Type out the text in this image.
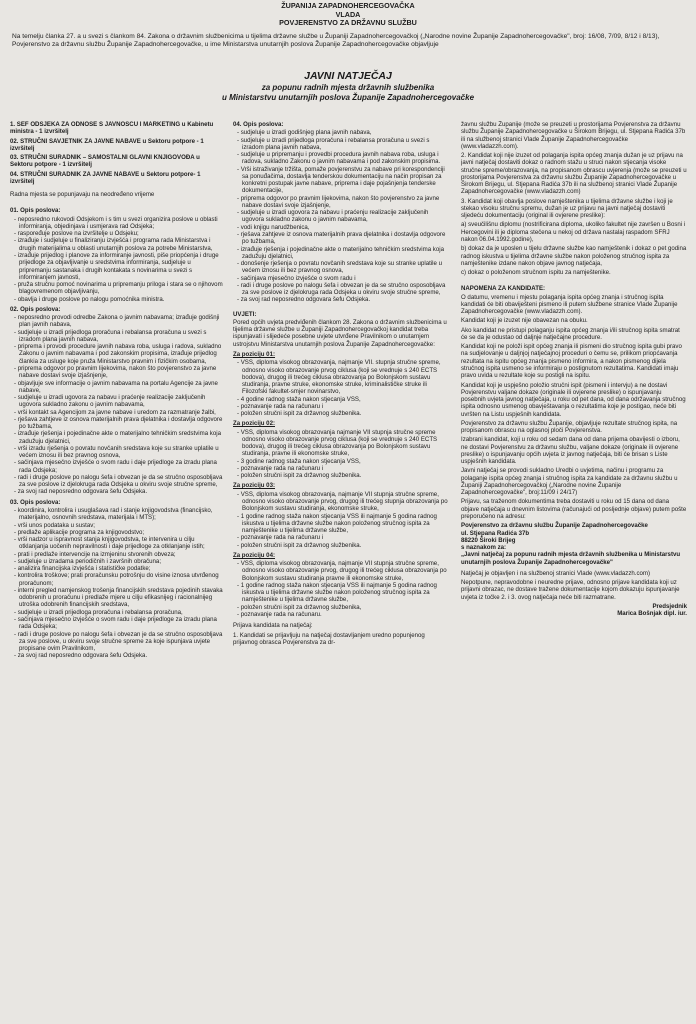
ŽUPANIJA ZAPADNOHERCEGOVAČKA
VLADA
POVJERENSTVO ZA DRŽAVNU SLUŽBU
Na temelju članka 27. a u svezi s člankom 84. Zakona o državnim službenicima u tijelima državne službe u Županiji Zapadnohercegovačkoj („Narodne novine Županije Zapadnohercegovačke", broj: 16/08, 7/09, 8/12 i 8/13), Povjerenstvo za državnu službu Županije Zapadnohercegovačke, u ime Ministarstva unutarnjih poslova Županije Zapadnohercegovačke objavljuje
JAVNI NATJEČAJ
za popunu radnih mjesta državnih službenika
u Ministarstvu unutarnjih poslova Županije Zapadnohercegovačke
1. ŠEF ODSJEKA ZA ODNOSE S JAVNOŠĆU I MARKETING u Kabinetu ministra - 1 izvršitelj
02. STRUČNI SAVJETNIK ZA JAVNE NABAVE u Sektoru potpore - 1 izvršitelj
03. STRUČNI SURADNIK – SAMOSTALNI GLAVNI KNJIGOVOĐA u Sektoru potpore - 1 izvršitelj
04. STRUČNI SURADNIK ZA JAVNE NABAVE u Sektoru potpore- 1 izvršitelj
Radna mjesta se popunjavaju na neodređeno vrijeme
01. Opis poslova:
- neposredno rukovodi Odsjekom i s tim u svezi organizira poslove u oblasti informiranja, objedinjava i usmjerava rad Odsjeka;
- raspoređuje poslove na izvršitelje u Odsjeku;
- izrađuje i sudjeluje u finaliziranju izvješća i programa rada Ministarstva i drugih materijalima u oblasti unutarnjih poslova za potrebe Ministarstva,
- izrađuje prijedlog i planove za informiranje javnosti, piše priopćenja i druge prijedloge za objavljivanje u sredstvima informiranja, sudjeluje u pripremanju sastanaka i drugih kontakata s novinarima u svezi s informiranjem javnosti,
- pruža stručnu pomoć novinarima u pripremanju priloga i stara se o njihovom blagovremenom objavljivanju,
- obavlja i druge poslove po nalogu pomoćnika ministra.
02. Opis poslova:
- neposredno provodi odredbe Zakona o javnim nabavama; izrađuje godišnji plan javnih nabava,
- sudjeluje u izradi prijedloga proračuna i rebalansa proračuna u svezi s izradom plana javnih nabava,
- priprema i provodi procedure javnih nabava roba, usluga i radova, sukladno Zakonu o javnim nabavama i pod zakonskim propisima, izrađuje prijedlog člankia za usluge koje pruža Ministarstvo pravnim i fizičkim osobama,
- priprema odgovor po pravnim lijekovima, nakon što povjerenstvo za javne nabave dostavi svoje izjašnjenje,
- objavljuje sve informacije o javnim nabavama na portalu Agencije za javne nabave,
- sudjeluje u izradi ugovora za nabavu i praćenje realizacije zaključenih ugovora sukladno zakonu o javnim nabavama,
- vrši kontakt sa Agencijom za javne nabave i uredom za razmatranje žalbi,
- rješava zahtjeve iz osnova materijalnih prava djelatnika i dostavlja odgovore po tužbama,
- izrađuje rješenja i pojedinačne akte o materijalno tehničkim sredstvima koja zadužuju djelatnici,
- vrši izradu rješenja o povratu novčanih sredstava koje su stranke uplatile u većem iznosu ili bez pravnog osnova,
- sačinjava mjesečno izvješće o svom radu i daje prijedloge za izradu plana rada Odsjeka;
- radi i druge poslove po nalogu šefa i obvezan je da se stručno osposobljava za sve poslove iz djelokruga rada Odsjeka u okviru svoje stručne spreme,
- za svoj rad neposredno odgovara šefu Odsjeka.
03. Opis poslova:
- koordinira, kontrolira i usuglašava rad i stanje knjigovodstva (financijsko, materijalno, osnovnih sredstava, materijala i MTS);
- vrši unos podataka u sustav;
- predlaže aplikacije programa za knjigovodstvo;
- vrši nadzor u ispravnost stanja knjigovodstva, te intervenira u cilju otklanjanja uočenih nepravilnosti i daje prijedloge za otklanjanje istih;
- prati i predlaže intervencije na izmjeninu stvorenih obveza;
- sudjeluje u izradama periodičnih i završnih obračuna;
- analizira financijska izvješća i statističke podatke;
- kontrolira troškove; prati proračunsku potrošnju do visine iznosa utvrđenog proračunom;
- interni pregled namjenskog trošenja financijskih sredstava pojedinih stavaka odobrenih u proračunu i predlaže mjere u cilju efikasnijeg i racionalnijeg utroška odobrenih financijskih sredstava,
- sudjeluje u izradi prijedloga proračuna i rebalansa proračuna,
- sačinjava mjesečno izvješće o svom radu i daje prijedloge za izradu plana rada Odsjeka;
- radi i druge poslove po nalogu šefa i obvezan je da se stručno osposobljava za sve poslove, u okviru svoje stručne spreme za koje ispunjava uvjete propisane ovim Pravilnikom,
- za svoj rad neposredno odgovara šefu Odsjeka.
04. Opis poslova:
- sudjeluje u izradi godišnjeg plana javnih nabava,
- sudjeluje u izradi prijedloga proračuna i rebalansa proračuna u svezi s izradom plana javnih nabava,
- sudjeluje u pripremanju i provedbi procedura javnih nabava roba, usluga i radova, sukladno Zakonu o javnim nabavama i pod zakonskim propisima.
- Vrši istraživanje tržišta, pomaže povjerenstvu za nabave pri korespondenciji sa ponuđačima, dostavlja tenderskou dokumentaciju na način propisan za konkretni postupak javne nabave, priprema i daje pojašnjenja tenderske dokumentacije,
- priprema odgovor po pravnim lijekovima, nakon što povjerenstvo za javne nabave dostavi svoje izjašnjenje,
- sudjeluje u izradi ugovora za nabavu i praćenju realizacije zaključenih ugovora sukladno zakonu o javnim nabavama,
- vodi knjigu narudžbenica,
- rješava zahtjeve iz osnova materijalnih prava djelatnika i dostavlja odgovore po tužbama,
- izrađuje rješenja i pojedinačne akte o materijalno tehničkim sredstvima koja zadužuju djelatnici,
- donošenje rješenja o povratu novčanih sredstava koje su stranke uplatile u većem iznosu ili bez pravnog osnova,
- sačinjava mjesečno izvješće o svom radu i
- radi i druge poslove po nalogu šefa i obvezan je da se stručno osposobljava za sve poslove iz djelokruga rada Odsjeka u okviru svoje stručne spreme,
- za svoj rad neposredno odgovara šefu Odsjeka.
UVJETI:
Pored općih uvjeta predviđenih člankom 28. Zakona o državnim službenicima u tijelima državne službe u Županiji Zapadnohercegovačkoj kandidat treba ispunjavati i slijedeće posebne uvjete utvrđene Pravilnikom o unutarnjem ustrojstvu Ministarstva unutarnjih poslova Županije Zapadnohercegovačke:
Za poziciju 01:
- VSS, diploma visokog obrazovanja, najmanje VII. stupnja stručne spreme, odnosno visoko obrazovanje prvog ciklusa (koji se vrednuje s 240 ECTS bodova), drugog ili trećeg ciklusa obrazovanja po Bolonjskom sustavu studiranja, pravne struke, ekonomske struke, kriminalističke struke ili Filozofski fakultet-smjer novinarstvo,
- 4 godine radnog staža nakon stjecanja VSS,
- poznavanje rada na računaru i
- položen stručni ispit za državnog službenika.
Za poziciju 02:
- VSS, diploma visokog obrazovanja najmanje VII stupnja stručne spreme odnosno visoko obrazovanje prvog ciklusa (koji se vrednuje s 240 ECTS bodova), drugog ili trećeg ciklusa obrazovanja po Bolonjskom sustavu studiranja, pravne ili ekonomske struke,
- 3 godine radnog staža nakon stjecanja VSS,
- poznavanje rada na računaru i
- položen stručni ispit za državnog službenika.
Za poziciju 03:
- VSS, diploma visokog obrazovanja, najmanje VII stupnja stručne spreme, odnosno visoko obrazovanje prvog, drugog ili trećeg stupnja obrazovanja po Bolonjskom sustavu studiranja, ekonomske struke,
- 1 godine radnog staža nakon stjecanja VSS ili najmanje 5 godina radnog iskustva u tijelima državne službe nakon položenog stručnog ispita za namještenike u tijelima državne službe,
- poznavanje rada na računaru i
- položen stručni ispit za državnog službenika.
Za poziciju 04:
- VSS, diploma visokog obrazovanja, najmanje VII stupnja stručne spreme, odnosno visoko obrazovanje prvog, drugog ili trećeg ciklusa obrazovanja po Bolonjskom sustavu studiranja pravne ili ekonomske struke,
- 1 godine radnog staža nakon stjecanja VSS ili najmanje 5 godina radnog iskustva u tijelima državne službe nakon položenog stručnog ispita za namještenike u tijelima državne službe,
- položen stručni ispit za državnog službenika,
- poznavanje rada na računaru.
Prijava kandidata na natječaj:
1. Kandidati se prijavljuju na natječaj dostavljanjem uredno popunjenog prijavnog obrasca Povjerenstva za dr-
žavnu službu Županije (može se preuzeti u prostorijama Povjerenstva za državnu službu Županije Zapadnohercegovačke u Širokom Brijegu, ul. Stjepana Radića 37b ili na službenoj stranici Vlade Županije Zapadnohercegovačke (www.vladazzh.com).
2. Kandidat koji nije izuzet od polaganja ispita općeg znanja dužan je uz prijavu na javni natječaj dostaviti dokaz o radnom stažu u struci nakon stjecanja visoke stručne spreme/obrazovanja, na propisanom obrascu uvjerenja (može se preuzeti u prostorijama Povjerenstva za državnu službu Županije Zapadnohercegovačke u Širokom Brijegu, ul. Stjepana Radića 37b ili na službenoj stranici Vlade Županije Zapadnohercegovačke (www.vladazzh.com)
3. Kandidat koji obavlja poslove namještenika u tijelima državne službe i koji je stekao visoku stručnu spremu, dužan je uz prijavu na javni natječaj dostaviti sljedeću dokumentaciju (original ili ovjerene preslike):
a) sveučilišnu diplomu (nostrificirana diploma, ukoliko fakultet nije završen u Bosni i Hercegovini ili je diploma stečena u nekoj od država nastalaj raspadom SFRJ nakon 06.04.1992.godine),
b) dokaz da je uposlen u tijelu državne službe kao namještenik i dokaz o pet godina radnog iskustva u tijelima državne službe nakon položenog stručnog ispita za namještenike izdane nakon objave javnog natječaja,
c) dokaz o položenom stručnom ispitu za namještenike.
NAPOMENA ZA KANDIDATE:
O datumu, vremenu i mjestu polaganja ispita općeg znanja i stručnog ispita kandidati će biti obaviješteni pismeno ili putem službene stranice Vlade Županije Zapadnohercegovačke (www.vladazzh.com).
Kandidat koji je izuzet nije obavezan na obuku.
Ako kandidat ne pristupi polaganju ispita općeg znanja i/ili stručnog ispita smatrat će se da je odustao od daljnje natječajne procedure.
Kandidat koji ne položi ispit općeg znanja ili pismeni dio stručnog ispita gubi pravo na sudjelovanje u daljnjoj natječajnoj proceduri o čemu se, prilikom priopćavanja rezultata na ispitu općeg znanja pismeno informira, a nakon pismenog dijela stručnog ispita usmeno se informiraju o postignutom rezultatima. Kandidati imaju pravo uvida u rezultate koje su postigli na ispitu.
Kandidat koji je uspješno položio stručni ispit (pismeni i intervju) a ne dostavi Povjerenstvu valjane dokaze (originale ili ovjerene preslike) o ispunjavanju posebnih uvjeta javnog natječaja, u roku od pet dana, od dana održavanja stručnog ispita odnosno usmenog obavještavanja o rezultatima koje je postigao, neće biti uvršten na Listu uspješnih kandidata.
Povjerenstvo za državnu službu Županije, objavljuje rezultate stručnog ispita, na propisanom obrascu na oglasnoj ploči Povjerenstva.
Izabrani kandidat, koji u roku od sedam dana od dana prijema obavijesti o izboru, ne dostavi Povjerenstvu za državnu službu, valjane dokaze (originale ili ovjerene preslike) o ispunjavanju općih uvjeta iz javnog natječaja, biti će brisan s Liste uspješnih kandidata.
Javni natječaj se provodi sukladno Uredbi o uvjetima, načinu i programu za polaganje ispita općeg znanja i stručnog ispita za kandidate za državnu službu u Županiji Zapadnohercegovačkoj („Narodne novine Županije Zapadnohercegovačke", broj:11/09 i 24/17)
Prijavu, sa traženom dokumentima treba dostaviti u roku od 15 dana od dana objave natječaja u dnevnim listovima (računajući od posljednje objave) putem pošte preporučeno na adresu:
Povjerenstvo za državnu službu Županije Zapadnohercegovačke
ul. Stjepana Radića 37b
88220 Široki Brijeg
s naznakom za:
„Javni natječaj za popunu radnih mjesta državnih službenika u Ministarstvu unutarnjih poslova Županije Zapadnohercegovačke"
Natječaj je objavljen i na službenoj stranici Vlade (www.vladazzh.com)
Nepotpune, nepravodobne i neuredne prijave, odnosno prijave kandidata koji uz prijavni obrazac, ne dostave tražene dokumentacije kojom dokazuju ispunjavanje uvjeta iz točke 2. i 3. ovog natječaja neće biti razmatrane.
Predsjednik
Marica Bošnjak dipl. iur.
